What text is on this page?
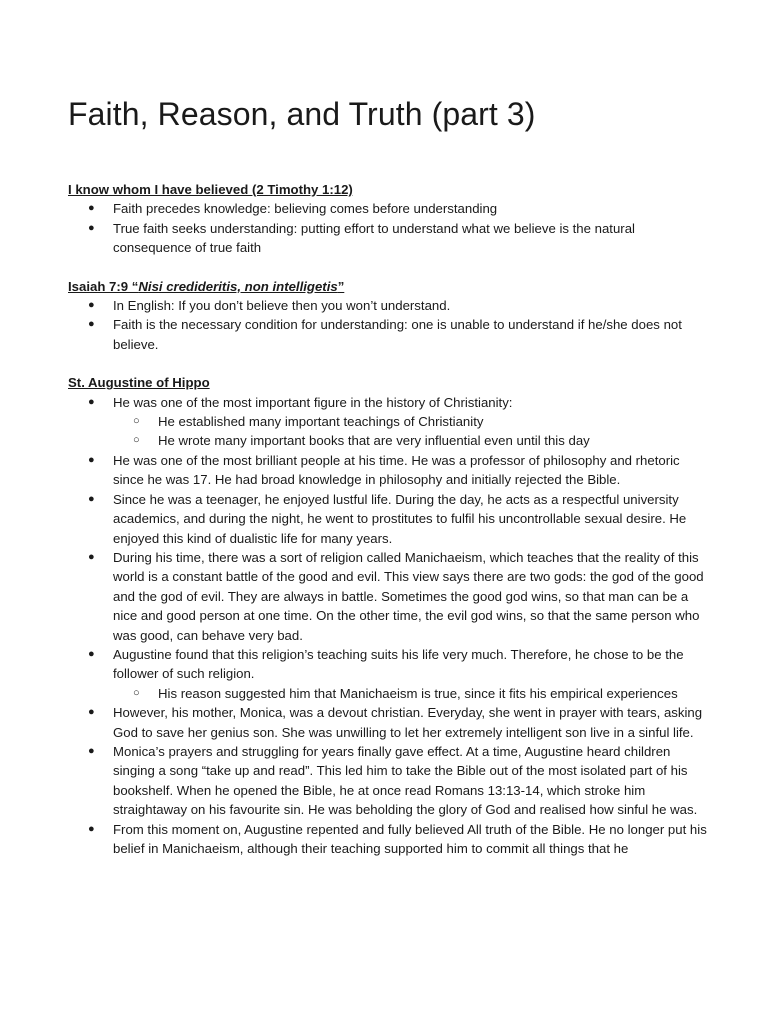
Faith, Reason, and Truth (part 3)

I know whom I have believed (2 Timothy 1:12)

●	Faith precedes knowledge: believing comes before understanding
●	True faith seeks understanding: putting effort to understand what we believe is the natural consequence of true faith

Isaiah 7:9 “Nisi credideritis, non intelligetis”

●	In English: If you don’t believe then you won’t understand.
●	Faith is the necessary condition for understanding: one is unable to understand if he/she does not believe.

St. Augustine of Hippo

●	He was one of the most important figure in the history of Christianity:
○	He established many important teachings of Christianity
○	He wrote many important books that are very influential even until this day
●	He was one of the most brilliant people at his time. He was a professor of philosophy and rhetoric since he was 17. He had broad knowledge in philosophy and initially rejected the Bible.
●	Since he was a teenager, he enjoyed lustful life. During the day, he acts as a respectful university academics, and during the night, he went to prostitutes to fulfil his uncontrollable sexual desire. He enjoyed this kind of dualistic life for many years.
●	During his time, there was a sort of religion called Manichaeism, which teaches that the reality of this world is a constant battle of the good and evil. This view says there are two gods: the god of the good and the god of evil. They are always in battle. Sometimes the good god wins, so that man can be a nice and good person at one time. On the other time, the evil god wins, so that the same person who was good, can behave very bad.
●	Augustine found that this religion’s teaching suits his life very much. Therefore, he chose to be the follower of such religion.
○	His reason suggested him that Manichaeism is true, since it fits his empirical experiences
●	However, his mother, Monica, was a devout christian. Everyday, she went in prayer with tears, asking God to save her genius son. She was unwilling to let her extremely intelligent son live in a sinful life.
●	Monica’s prayers and struggling for years finally gave effect. At a time, Augustine heard children singing a song “take up and read”. This led him to take the Bible out of the most isolated part of his bookshelf. When he opened the Bible, he at once read Romans 13:13-14, which stroke him straightaway on his favourite sin. He was beholding the glory of God and realised how sinful he was.
●	From this moment on, Augustine repented and fully believed All truth of the Bible. He no longer put his belief in Manichaeism, although their teaching supported him to commit all things that he
